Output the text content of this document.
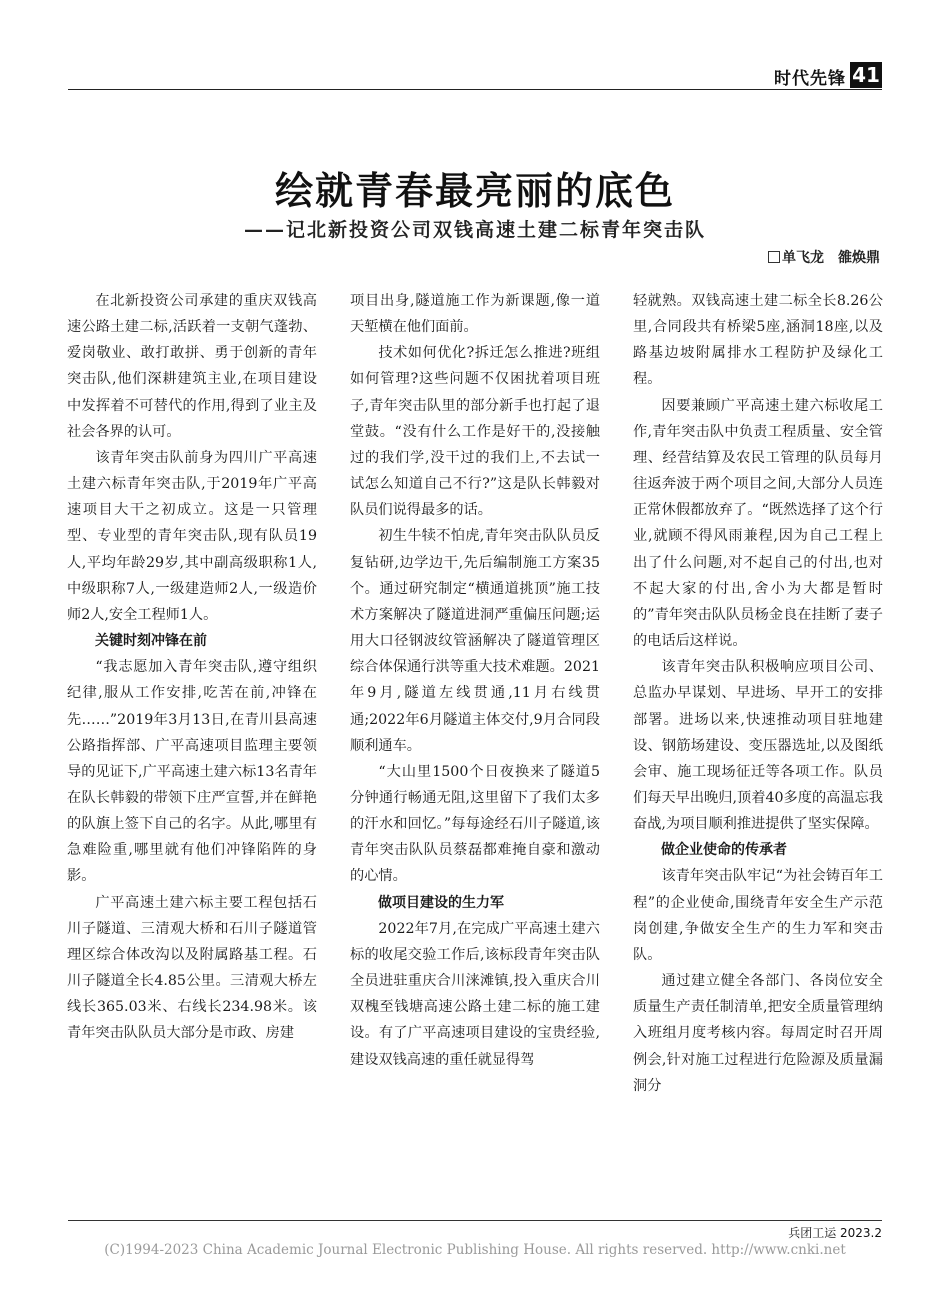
时代先锋 41
绘就青春最亮丽的底色
——记北新投资公司双钱高速土建二标青年突击队
单飞龙 雒焕鼎

在北新投资公司承建的重庆双钱高速公路土建二标,活跃着一支朝气蓬勃、爱岗敬业、敢打敢拼、勇于创新的青年突击队,他们深耕建筑主业,在项目建设中发挥着不可替代的作用,得到了业主及社会各界的认可。

该青年突击队前身为四川广平高速土建六标青年突击队,于2019年广平高速项目大干之初成立。这是一只管理型、专业型的青年突击队,现有队员19人,平均年龄29岁,其中副高级职称1人,中级职称7人,一级建造师2人,一级造价师2人,安全工程师1人。

关键时刻冲锋在前

“我志愿加入青年突击队,遵守组织纪律,服从工作安排,吃苦在前,冲锋在先……”2019年3月13日,在青川县高速公路指挥部、广平高速项目监理主要领导的见证下,广平高速土建六标13名青年在队长韩毅的带领下庄严宣誓,并在鲜艳的队旗上签下自己的名字。从此,哪里有急难险重,哪里就有他们冲锋陷阵的身影。

广平高速土建六标主要工程包括石川子隧道、三清观大桥和石川子隧道管理区综合体改沟以及附属路基工程。石川子隧道全长4.85公里。三清观大桥左线长365.03米、右线长234.98米。该青年突击队队员大部分是市政、房建

项目出身,隧道施工作为新课题,像一道天堑横在他们面前。

技术如何优化?拆迁怎么推进?班组如何管理?这些问题不仅困扰着项目班子,青年突击队里的部分新手也打起了退堂鼓。“没有什么工作是好干的,没接触过的我们学,没干过的我们上,不去试一试怎么知道自己不行?”这是队长韩毅对队员们说得最多的话。

初生牛犊不怕虎,青年突击队队员反复钻研,边学边干,先后编制施工方案35个。通过研究制定“横通道挑顶”施工技术方案解决了隧道进洞严重偏压问题;运用大口径钢波纹管涵解决了隧道管理区综合体保通行洪等重大技术难题。2021年9月,隧道左线贯通,11月右线贯通;2022年6月隧道主体交付,9月合同段顺利通车。

“大山里1500个日夜换来了隧道5分钟通行畅通无阻,这里留下了我们太多的汗水和回忆。”每每途经石川子隧道,该青年突击队队员蔡磊都难掩自豪和激动的心情。

做项目建设的生力军

2022年7月,在完成广平高速土建六标的收尾交验工作后,该标段青年突击队全员进驻重庆合川涞滩镇,投入重庆合川双槐至钱塘高速公路土建二标的施工建设。有了广平高速项目建设的宝贵经验,建设双钱高速的重任就显得驾

轻就熟。双钱高速土建二标全长8.26公里,合同段共有桥梁5座,涵洞18座,以及路基边坡附属排水工程防护及绿化工程。

因要兼顾广平高速土建六标收尾工作,青年突击队中负责工程质量、安全管理、经营结算及农民工管理的队员每月往返奔波于两个项目之间,大部分人员连正常休假都放弃了。“既然选择了这个行业,就顾不得风雨兼程,因为自己工程上出了什么问题,对不起自己的付出,也对不起大家的付出,舍小为大都是暂时的”青年突击队队员杨金良在挂断了妻子的电话后这样说。

该青年突击队积极响应项目公司、总监办早谋划、早进场、早开工的安排部署。进场以来,快速推动项目驻地建设、钢筋场建设、变压器选址,以及图纸会审、施工现场征迁等各项工作。队员们每天早出晚归,顶着40多度的高温忘我奋战,为项目顺利推进提供了坚实保障。

做企业使命的传承者

该青年突击队牢记“为社会铸百年工程”的企业使命,围绕青年安全生产示范岗创建,争做安全生产的生力军和突击队。

通过建立健全各部门、各岗位安全质量生产责任制清单,把安全质量管理纳入班组月度考核内容。每周定时召开周例会,针对施工过程进行危险源及质量漏洞分

兵团工运 2023.2
(C)1994-2023 China Academic Journal Electronic Publishing House. All rights reserved. http://www.cnki.net
